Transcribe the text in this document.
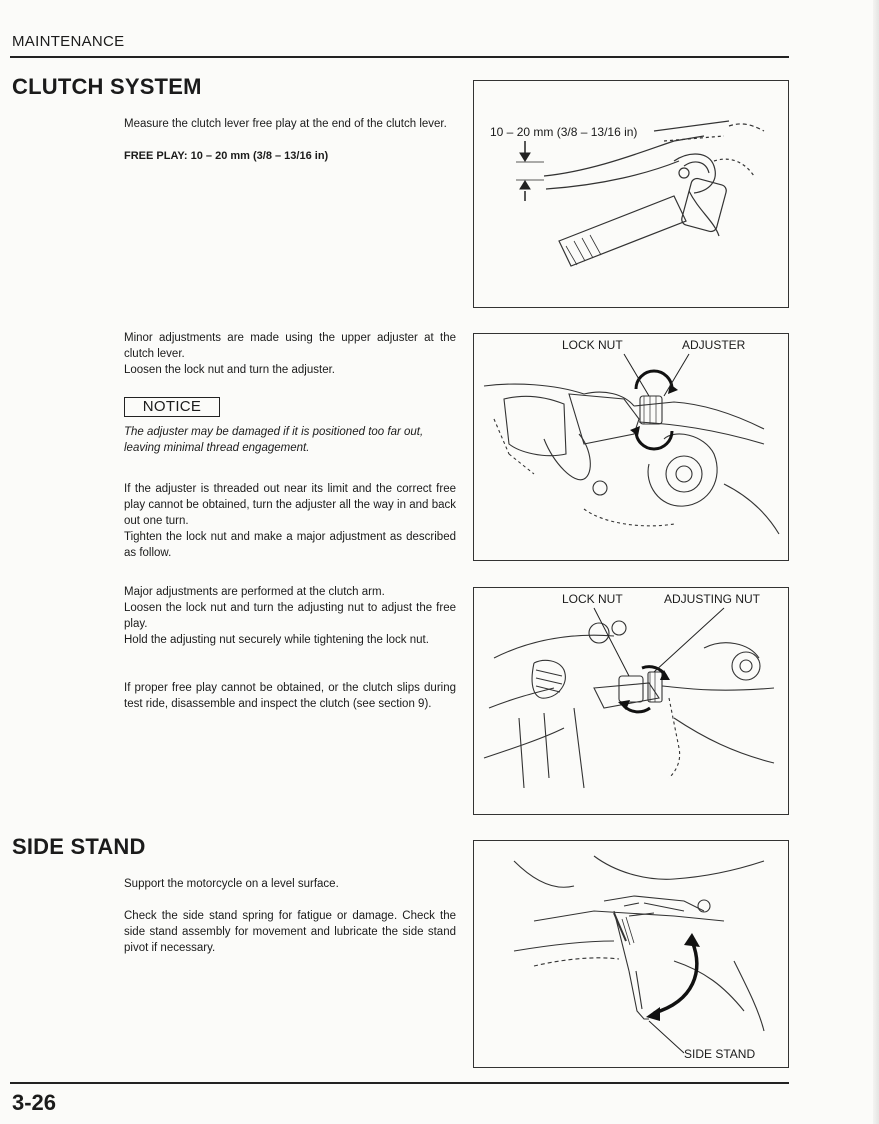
MAINTENANCE
CLUTCH SYSTEM

Measure the clutch lever free play at the end of the clutch lever.

FREE PLAY: 10 – 20 mm (3/8 – 13/16 in)

10 – 20 mm (3/8 – 13/16 in)

Minor adjustments are made using the upper adjuster at the clutch lever.

Loosen the lock nut and turn the adjuster.

NOTICE
The adjuster may be damaged if it is positioned too far out, leaving minimal thread engagement.

If the adjuster is threaded out near its limit and the correct free play cannot be obtained, turn the adjuster all the way in and back out one turn.

Tighten the lock nut and make a major adjustment as described as follow.

LOCK NUT	ADJUSTER

Major adjustments are performed at the clutch arm.

Loosen the lock nut and turn the adjusting nut to adjust the free play.

Hold the adjusting nut securely while tightening the lock nut.

If proper free play cannot be obtained, or the clutch slips during test ride, disassemble and inspect the clutch (see section 9).

LOCK NUT	ADJUSTING NUT
SIDE STAND

Support the motorcycle on a level surface.

Check the side stand spring for fatigue or damage. Check the side stand assembly for movement and lubricate the side stand pivot if necessary.

SIDE STAND
3-26
